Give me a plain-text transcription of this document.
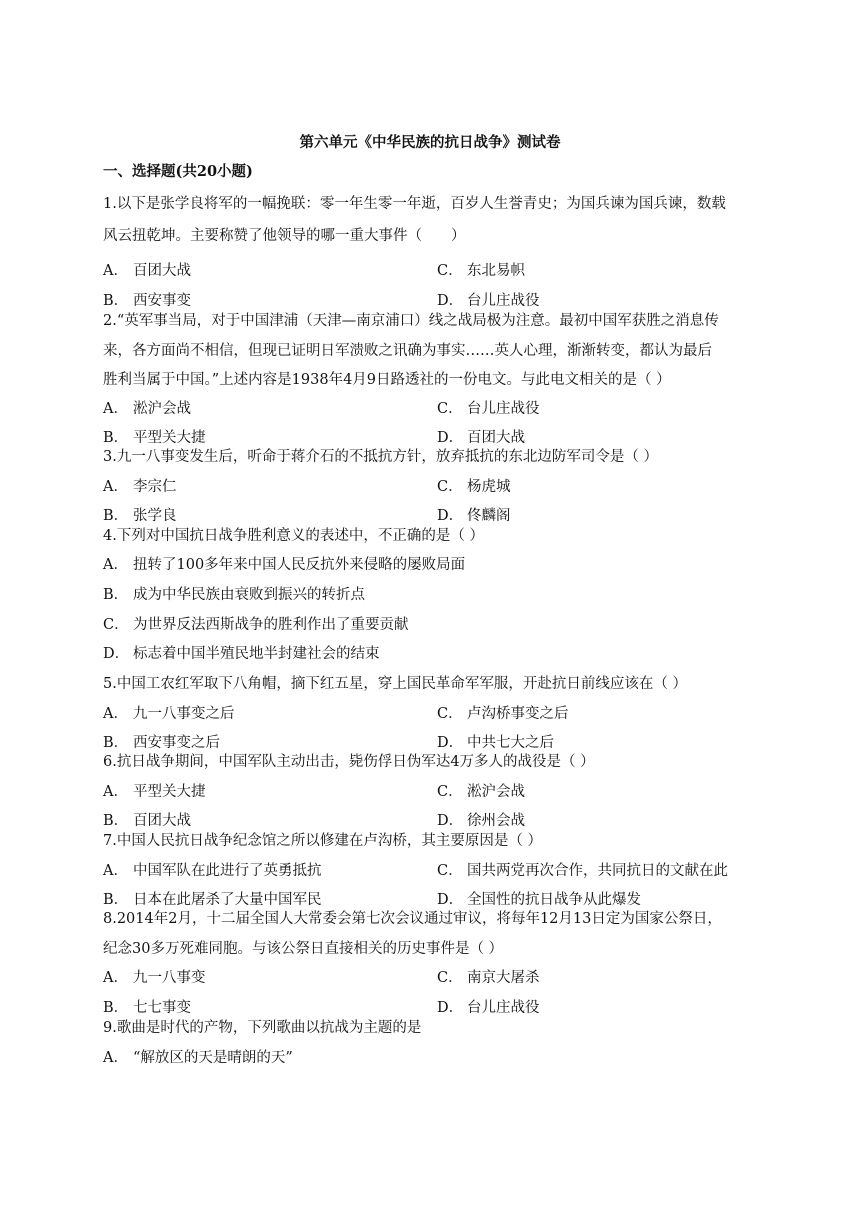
第六单元《中华民族的抗日战争》测试卷
一、选择题(共20小题)
1.以下是张学良将军的一幅挽联：零一年生零一年逝，百岁人生誉青史；为国兵谏为国兵谏，数载
风云扭乾坤。主要称赞了他领导的哪一重大事件（　　）
A． 百团大战	C． 东北易帜
B． 西安事变	D． 台儿庄战役
2.“英军事当局，对于中国津浦（天津—南京浦口）线之战局极为注意。最初中国军获胜之消息传
来，各方面尚不相信，但现已证明日军溃败之讯确为事实……英人心理，渐渐转变，都认为最后
胜利当属于中国。”上述内容是1938年4月9日路透社的一份电文。与此电文相关的是（ ）
A． 淞沪会战	C． 台儿庄战役
B． 平型关大捷	D． 百团大战
3.九一八事变发生后，听命于蒋介石的不抵抗方针，放弃抵抗的东北边防军司令是（ ）
A． 李宗仁	C． 杨虎城
B． 张学良	D． 佟麟阁
4.下列对中国抗日战争胜利意义的表述中，不正确的是（ ）
A． 扭转了100多年来中国人民反抗外来侵略的屡败局面
B． 成为中华民族由衰败到振兴的转折点
C． 为世界反法西斯战争的胜利作出了重要贡献
D． 标志着中国半殖民地半封建社会的结束
5.中国工农红军取下八角帽，摘下红五星，穿上国民革命军军服，开赴抗日前线应该在（ ）
A． 九一八事变之后	C． 卢沟桥事变之后
B． 西安事变之后	D． 中共七大之后
6.抗日战争期间，中国军队主动出击，毙伤俘日伪军达4万多人的战役是（ ）
A． 平型关大捷	C． 淞沪会战
B． 百团大战	D． 徐州会战
7.中国人民抗日战争纪念馆之所以修建在卢沟桥，其主要原因是（ ）
A． 中国军队在此进行了英勇抵抗	C． 国共两党再次合作，共同抗日的文献在此
B． 日本在此屠杀了大量中国军民	D． 全国性的抗日战争从此爆发
8.2014年2月，十二届全国人大常委会第七次会议通过审议，将每年12月13日定为国家公祭日，
纪念30多万死难同胞。与该公祭日直接相关的历史事件是（ ）
A． 九一八事变	C． 南京大屠杀
B． 七七事变	D． 台儿庄战役
9.歌曲是时代的产物，下列歌曲以抗战为主题的是
A． “解放区的天是晴朗的天”
